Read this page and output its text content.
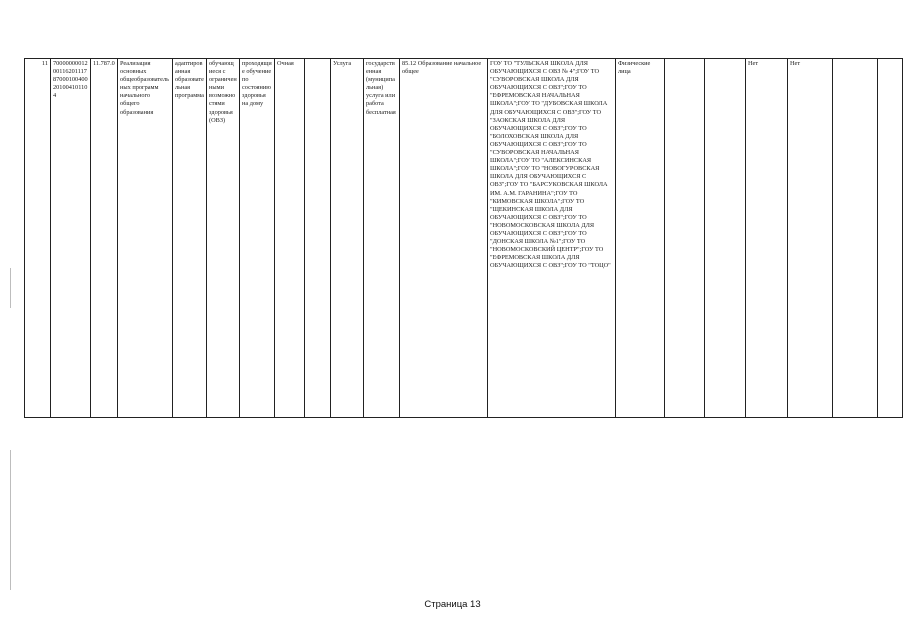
11	700000000120011620111787000100400201004101104	11.787.0	Реализация основных общеобразовательных программ начального общего образования	адаптированная образовательная программа	обучающиеся с ограниченными возможностями здоровья (ОВЗ)	проходящие обучение по состоянию здоровья на дому	Очная		Услуга	государственная (муниципальная) услуга или работа бесплатная	85.12 Образование начальное общее	ГОУ ТО "ТУЛЬСКАЯ ШКОЛА ДЛЯ ОБУЧАЮЩИХСЯ С ОВЗ № 4";ГОУ ТО "СУВОРОВСКАЯ ШКОЛА ДЛЯ ОБУЧАЮЩИХСЯ С ОВЗ";ГОУ ТО "ЕФРЕМОВСКАЯ НАЧАЛЬНАЯ ШКОЛА";ГОУ ТО "ДУБОВСКАЯ ШКОЛА ДЛЯ ОБУЧАЮЩИХСЯ С ОВЗ";ГОУ ТО "ЗАОКСКАЯ ШКОЛА ДЛЯ ОБУЧАЮЩИХСЯ С ОВЗ";ГОУ ТО "БОЛОХОВСКАЯ ШКОЛА ДЛЯ ОБУЧАЮЩИХСЯ С ОВЗ";ГОУ ТО "СУВОРОВСКАЯ НАЧАЛЬНАЯ ШКОЛА";ГОУ ТО "АЛЕКСИНСКАЯ ШКОЛА";ГОУ ТО "НОВОГУРОВСКАЯ ШКОЛА ДЛЯ ОБУЧАЮЩИХСЯ С ОВЗ";ГОУ ТО "БАРСУКОВСКАЯ ШКОЛА ИМ. А.М. ГАРАНИНА";ГОУ ТО "КИМОВСКАЯ ШКОЛА";ГОУ ТО "ЩЕКИНСКАЯ ШКОЛА ДЛЯ ОБУЧАЮЩИХСЯ С ОВЗ";ГОУ ТО "НОВОМОСКОВСКАЯ ШКОЛА ДЛЯ ОБУЧАЮЩИХСЯ С ОВЗ";ГОУ ТО "ДОНСКАЯ ШКОЛА №1";ГОУ ТО "НОВОМОСКОВСКИЙ ЦЕНТР";ГОУ ТО "ЕФРЕМОВСКАЯ ШКОЛА ДЛЯ ОБУЧАЮЩИХСЯ С ОВЗ";ГОУ ТО "ТОЦО"	Физические лица			Нет	Нет		
Страница 13
